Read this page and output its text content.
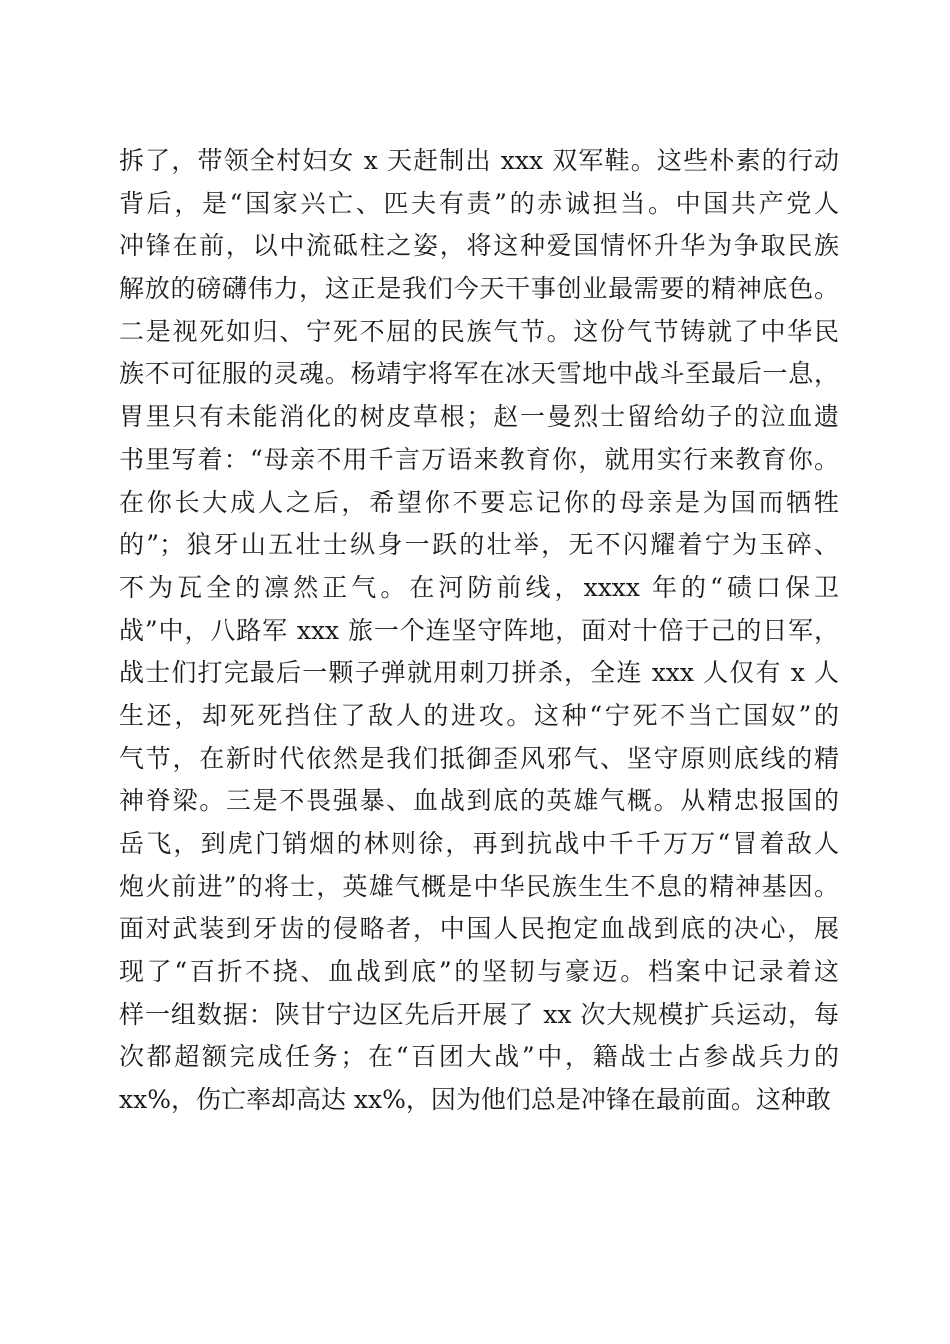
拆了，带领全村妇女 x 天赶制出 xxx 双军鞋。这些朴素的行动
背后，是“国家兴亡、匹夫有责”的赤诚担当。中国共产党人
冲锋在前，以中流砥柱之姿，将这种爱国情怀升华为争取民族
解放的磅礴伟力，这正是我们今天干事创业最需要的精神底色。
二是视死如归、宁死不屈的民族气节。这份气节铸就了中华民
族不可征服的灵魂。杨靖宇将军在冰天雪地中战斗至最后一息，
胃里只有未能消化的树皮草根；赵一曼烈士留给幼子的泣血遗
书里写着：“母亲不用千言万语来教育你，就用实行来教育你。
在你长大成人之后，希望你不要忘记你的母亲是为国而牺牲
的”；狼牙山五壮士纵身一跃的壮举，无不闪耀着宁为玉碎、
不为瓦全的凛然正气。在河防前线，xxxx 年的“碛口保卫
战”中，八路军 xxx 旅一个连坚守阵地，面对十倍于己的日军，
战士们打完最后一颗子弹就用刺刀拼杀，全连 xxx 人仅有 x 人
生还，却死死挡住了敌人的进攻。这种“宁死不当亡国奴”的
气节，在新时代依然是我们抵御歪风邪气、坚守原则底线的精
神脊梁。三是不畏强暴、血战到底的英雄气概。从精忠报国的
岳飞，到虎门销烟的林则徐，再到抗战中千千万万“冒着敌人
炮火前进”的将士，英雄气概是中华民族生生不息的精神基因。
面对武装到牙齿的侵略者，中国人民抱定血战到底的决心，展
现了“百折不挠、血战到底”的坚韧与豪迈。档案中记录着这
样一组数据：陕甘宁边区先后开展了 xx 次大规模扩兵运动，每
次都超额完成任务；在“百团大战”中，籍战士占参战兵力的
xx%，伤亡率却高达 xx%，因为他们总是冲锋在最前面。这种敢
